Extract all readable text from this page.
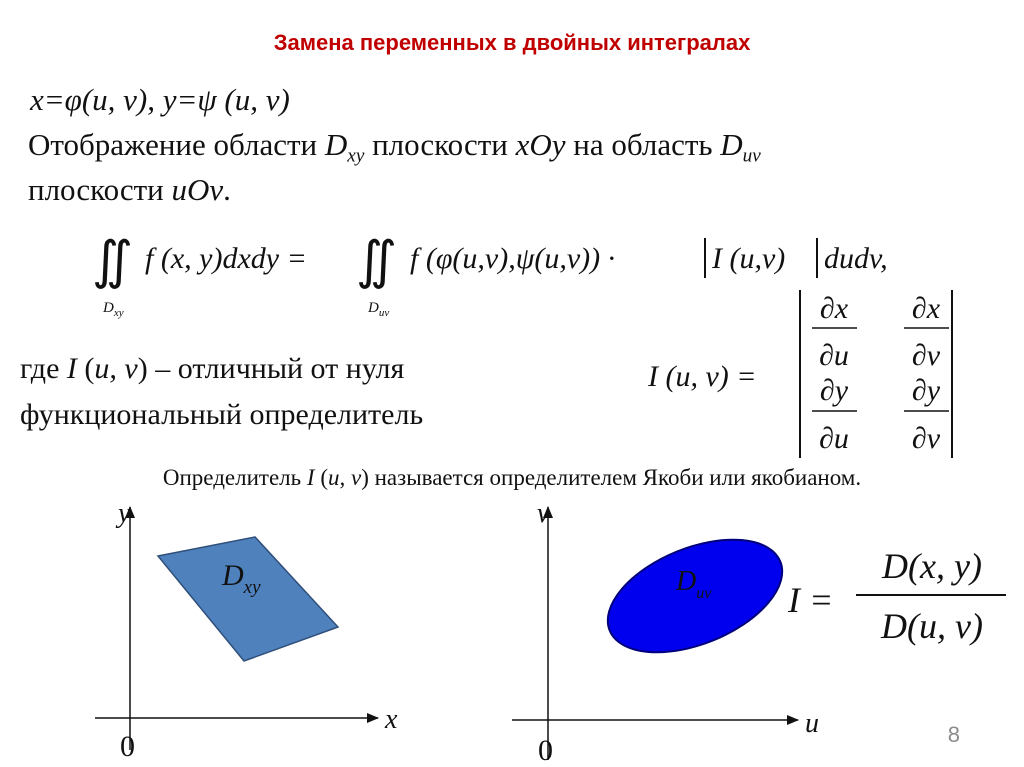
Замена переменных в двойных интегралах
x=φ(u, v), y=ψ (u, v)
Отображение области $D_{xy}$ плоскости xOy на область $D_{uv}$
плоскости uOv.
где I (u, v) – отличный от нуля
функциональный определитель
Определитель I (u, v) называется определителем Якоби или якобианом.
∬ f (x, y)dxdy =
$D_{xy}$
∬ f (φ(u,v),ψ(u,v)) ·	I (u,v) dudv,
$D_{uv}$
I (u, v) =
∂x
∂u
∂x
∂v
∂y
∂u
∂y
∂v
y
x
0
$D_{xy}$
v
u
0
$D_{uv}$ I =
D(x, y)
D(u, v)
8
